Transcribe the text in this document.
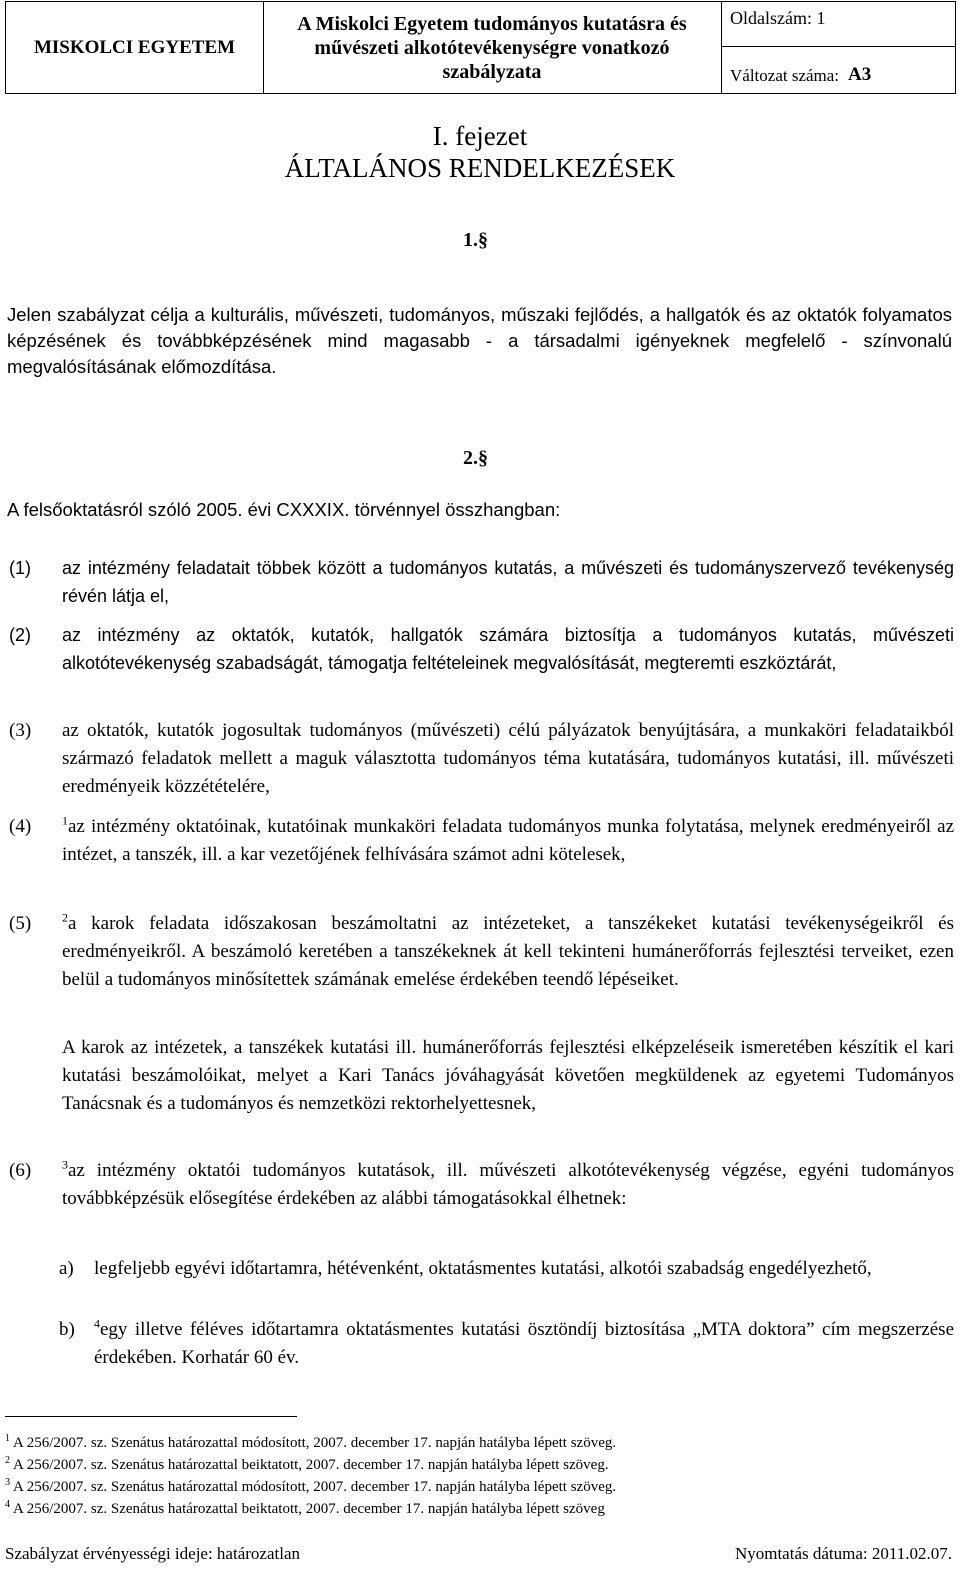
MISKOLCI EGYETEM
A Miskolci Egyetem tudományos kutatásra és művészeti alkotótevékenységre vonatkozó szabályzata
Oldalszám: 1
Változat száma: A3
I. fejezet
ÁLTALÁNOS RENDELKEZÉSEK
1.§
Jelen szabályzat célja a kulturális, művészeti, tudományos, műszaki fejlődés, a hallgatók és az oktatók folyamatos képzésének és továbbképzésének mind magasabb - a társadalmi igényeknek megfelelő - színvonalú megvalósításának előmozdítása.
2.§
A felsőoktatásról szóló 2005. évi CXXXIX. törvénnyel összhangban:
(1) az intézmény feladatait többek között a tudományos kutatás, a művészeti és tudományszervező tevékenység révén látja el,
(2) az intézmény az oktatók, kutatók, hallgatók számára biztosítja a tudományos kutatás, művészeti alkotótevékenység szabadságát, támogatja feltételeinek megvalósítását, megteremti eszköztárát,
(3) az oktatók, kutatók jogosultak tudományos (művészeti) célú pályázatok benyújtására, a munkaköri feladataikból származó feladatok mellett a maguk választotta tudományos téma kutatására, tudományos kutatási, ill. művészeti eredményeik közzétételére,
(4)	$^1$az intézmény oktatóinak, kutatóinak munkaköri feladata tudományos munka folytatása, melynek eredményeiről az intézet, a tanszék, ill. a kar vezetőjének felhívására számot adni kötelesek,
(5)	$^2$a karok feladata időszakosan beszámoltatni az intézeteket, a tanszékeket kutatási tevékenységeikről és eredményeikről. A beszámoló keretében a tanszékeknek át kell tekinteni humánerőforrás fejlesztési terveiket, ezen belül a tudományos minősítettek számának emelése érdekében teendő lépéseiket.
A karok az intézetek, a tanszékek kutatási ill. humánerőforrás fejlesztési elképzeléseik ismeretében készítik el kari kutatási beszámolóikat, melyet a Kari Tanács jóváhagyását követően megküldenek az egyetemi Tudományos Tanácsnak és a tudományos és nemzetközi rektorhelyettesnek,
(6)	$^3$az intézmény oktatói tudományos kutatások, ill. művészeti alkotótevékenység végzése, egyéni tudományos továbbképzésük elősegítése érdekében az alábbi támogatásokkal élhetnek:
a) legfeljebb egyévi időtartamra, hétévenként, oktatásmentes kutatási, alkotói szabadság engedélyezhető,
b) $^4$egy illetve féléves időtartamra oktatásmentes kutatási ösztöndíj biztosítása „MTA doktora” cím megszerzése érdekében. Korhatár 60 év.
$^1$ A 256/2007. sz. Szenátus határozattal módosított, 2007. december 17. napján hatályba lépett szöveg.
$^2$ A 256/2007. sz. Szenátus határozattal beiktatott, 2007. december 17. napján hatályba lépett szöveg.
$^3$ A 256/2007. sz. Szenátus határozattal módosított, 2007. december 17. napján hatályba lépett szöveg.
$^4$ A 256/2007. sz. Szenátus határozattal beiktatott, 2007. december 17. napján hatályba lépett szöveg
Szabályzat érvényességi ideje: határozatlan	Nyomtatás dátuma: 2011.02.07.
